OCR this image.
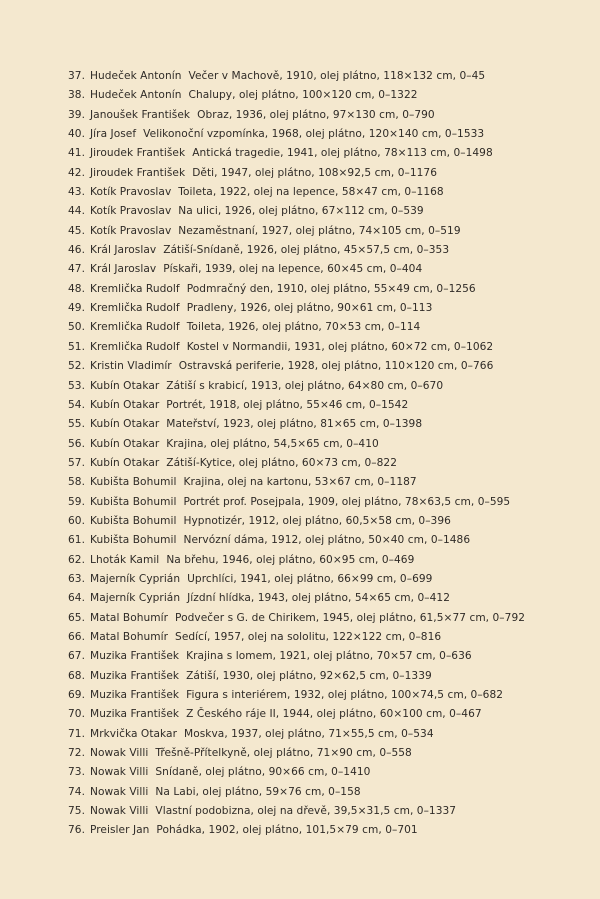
37. Hudeček Antonín Večer v Machově, 1910, olej plátno, 118×132 cm, 0–45
38. Hudeček Antonín Chalupy, olej plátno, 100×120 cm, 0–1322
39. Janoušek František Obraz, 1936, olej plátno, 97×130 cm, 0–790
40. Jíra Josef Velikonoční vzpomínka, 1968, olej plátno, 120×140 cm, 0–1533
41. Jiroudek František Antická tragedie, 1941, olej plátno, 78×113 cm, 0–1498
42. Jiroudek František Děti, 1947, olej plátno, 108×92,5 cm, 0–1176
43. Kotík Pravoslav Toileta, 1922, olej na lepence, 58×47 cm, 0–1168
44. Kotík Pravoslav Na ulici, 1926, olej plátno, 67×112 cm, 0–539
45. Kotík Pravoslav Nezaměstnaní, 1927, olej plátno, 74×105 cm, 0–519
46. Král Jaroslav Zátiší-Snídaně, 1926, olej plátno, 45×57,5 cm, 0–353
47. Král Jaroslav Pískaři, 1939, olej na lepence, 60×45 cm, 0–404
48. Kremlička Rudolf Podmračný den, 1910, olej plátno, 55×49 cm, 0–1256
49. Kremlička Rudolf Pradleny, 1926, olej plátno, 90×61 cm, 0–113
50. Kremlička Rudolf Toileta, 1926, olej plátno, 70×53 cm, 0–114
51. Kremlička Rudolf Kostel v Normandii, 1931, olej plátno, 60×72 cm, 0–1062
52. Kristin Vladimír Ostravská periferie, 1928, olej plátno, 110×120 cm, 0–766
53. Kubín Otakar Zátiší s krabicí, 1913, olej plátno, 64×80 cm, 0–670
54. Kubín Otakar Portrét, 1918, olej plátno, 55×46 cm, 0–1542
55. Kubín Otakar Mateřství, 1923, olej plátno, 81×65 cm, 0–1398
56. Kubín Otakar Krajina, olej plátno, 54,5×65 cm, 0–410
57. Kubín Otakar Zátiší-Kytice, olej plátno, 60×73 cm, 0–822
58. Kubišta Bohumil Krajina, olej na kartonu, 53×67 cm, 0–1187
59. Kubišta Bohumil Portrét prof. Posejpala, 1909, olej plátno, 78×63,5 cm, 0–595
60. Kubišta Bohumil Hypnotizér, 1912, olej plátno, 60,5×58 cm, 0–396
61. Kubišta Bohumil Nervózní dáma, 1912, olej plátno, 50×40 cm, 0–1486
62. Lhoták Kamil Na břehu, 1946, olej plátno, 60×95 cm, 0–469
63. Majerník Cyprián Uprchlíci, 1941, olej plátno, 66×99 cm, 0–699
64. Majerník Cyprián Jízdní hlídka, 1943, olej plátno, 54×65 cm, 0–412
65. Matal Bohumír Podvečer s G. de Chirikem, 1945, olej plátno, 61,5×77 cm, 0–792
66. Matal Bohumír Sedící, 1957, olej na sololitu, 122×122 cm, 0–816
67. Muzika František Krajina s lomem, 1921, olej plátno, 70×57 cm, 0–636
68. Muzika František Zátiší, 1930, olej plátno, 92×62,5 cm, 0–1339
69. Muzika František Figura s interiérem, 1932, olej plátno, 100×74,5 cm, 0–682
70. Muzika František Z Českého ráje II, 1944, olej plátno, 60×100 cm, 0–467
71. Mrkvička Otakar Moskva, 1937, olej plátno, 71×55,5 cm, 0–534
72. Nowak Villi Třešně-Přítelkyně, olej plátno, 71×90 cm, 0–558
73. Nowak Villi Snídaně, olej plátno, 90×66 cm, 0–1410
74. Nowak Villi Na Labi, olej plátno, 59×76 cm, 0–158
75. Nowak Villi Vlastní podobizna, olej na dřevě, 39,5×31,5 cm, 0–1337
76. Preisler Jan Pohádka, 1902, olej plátno, 101,5×79 cm, 0–701
